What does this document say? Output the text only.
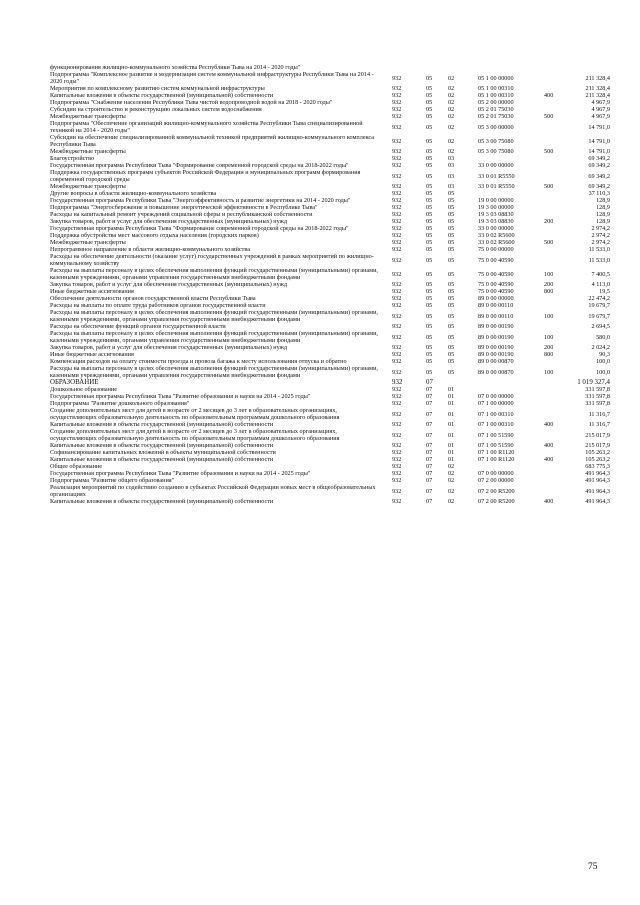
функционирования жилищно-коммунального хозяйства Республики Тыва на 2014 - 2020 годы"
Подпрограмма "Комплексное развитие и модернизация систем коммунальной инфраструктуры Республики Тыва на 2014 - 2020 годы"	932	05	02	05 1 00 00000	211 328,4
Мероприятия по комплексному развитию систем коммунальной инфраструктуры	932	05	02	05 1 00 00310	211 328,4
Капитальные вложения в объекты государственной (муниципальной) собственности	932	05	02	05 1 00 00310	400	211 328,4
Подпрограмма "Снабжение населения Республики Тыва чистой водопроводной водой на 2018 - 2020 годы"	932	05	02	05 2 00 00000	4 967,9
Субсидии на строительство и реконструкцию локальных систем водоснабжения	932	05	02	05 2 01 75030	4 967,9
Межбюджетные трансферты	932	05	02	05 2 01 75030	500	4 967,9
Подпрограмма "Обеспечение организаций жилищно-коммунального хозяйства Республики Тыва специализированной техникой на 2014 - 2020 годы"	932	05	02	05 3 00 00000	14 791,0
Субсидии на обеспечение специализированной коммунальной техникой предприятий жилищно-коммунального комплекса Республики Тыва	932	05	02	05 3 00 75080	14 791,0
Межбюджетные трансферты	932	05	02	05 3 00 75080	500	14 791,0
Благоустройство	932	05	03	69 349,2
Государственная программа Республики Тыва "Формирование современной городской среды на 2018-2022 годы"	932	05	03	33 0 00 00000	69 349,2
Поддержка государственных программ субъектов Российской Федерации и муниципальных программ формирования современной городской среды	932	05	03	33 0 01 R5550	69 349,2
Межбюджетные трансферты	932	05	03	33 0 01 R5550	500	69 349,2
Другие вопросы в области жилищно-коммунального хозяйства	932	05	05	37 110,3
Государственная программа Республики Тыва "Энергоэффективность и развитие энергетики на 2014 - 2020 годы"	932	05	05	19 0 00 00000	128,9
Подпрограмма "Энергосбережение и повышение энергетической эффективности в Республике Тыва"	932	05	05	19 3 00 00000	128,9
Расходы на капитальный ремонт учреждений социальной сферы и республиканской собственности	932	05	05	19 3 03 08830	128,9
Закупка товаров, работ и услуг для обеспечения государственных (муниципальных) нужд	932	05	05	19 3 03 08830	200	128,9
Государственная программа Республики Тыва "Формирование современной городской среды на 2018-2022 годы"	932	05	05	33 0 00 00000	2 974,2
Поддержка обустройства мест массового отдыха населения (городских парков)	932	05	05	33 0 02 R5600	2 974,2
Межбюджетные трансферты	932	05	05	33 0 02 R5600	500	2 974,2
Непрограммное направление в области жилищно-коммунального хозяйства	932	05	05	75 0 00 00000	11 533,0
Расходы на обеспечение деятельности (оказание услуг) государственных учреждений в рамках мероприятий по жилищно-коммунальному хозяйству	932	05	05	75 0 00 40590	11 533,0
Расходы на выплаты персоналу в целях обеспечения выполнения функций государственными (муниципальными) органами, казенными учреждениями, органами управления государственными внебюджетными фондами	932	05	05	75 0 00 40590	100	7 400,5
Закупка товаров, работ и услуг для обеспечения государственных (муниципальных) нужд	932	05	05	75 0 00 40590	200	4 113,0
Иные бюджетные ассигнования	932	05	05	75 0 00 40590	800	19,5
Обеспечение деятельности органов государственной власти Республики Тыва	932	05	05	89 0 00 00000	22 474,2
Расходы на выплаты по оплате труда работников органов государственной власти	932	05	05	89 0 00 00110	19 679,7
Расходы на выплаты персоналу в целях обеспечения выполнения функций государственными (муниципальными) органами, казенными учреждениями, органами управления государственными внебюджетными фондами	932	05	05	89 0 00 00110	100	19 679,7
Расходы на обеспечение функций органов государственной власти	932	05	05	89 0 00 00190	2 694,5
Расходы на выплаты персоналу в целях обеспечения выполнения функций государственными (муниципальными) органами, казенными учреждениями, органами управления государственными внебюджетными фондами	932	05	05	89 0 00 00190	100	580,0
Закупка товаров, работ и услуг для обеспечения государственных (муниципальных) нужд	932	05	05	89 0 00 00190	200	2 024,2
Иные бюджетные ассигнования	932	05	05	89 0 00 00190	800	90,3
Компенсация расходов на оплату стоимости проезда и провоза багажа к месту использования отпуска и обратно	932	05	05	89 0 00 00870	100,0
Расходы на выплаты персоналу в целях обеспечения выполнения функций государственными (муниципальными) органами, казенными учреждениями, органами управления государственными внебюджетными фондами	932	05	05	89 0 00 00870	100	100,0
ОБРАЗОВАНИЕ	932	07	1 019 327,4
Дошкольное образование	932	07	01	331 597,8
Государственная программа Республики Тыва "Развитие образования и науки на 2014 - 2025 годы"	932	07	01	07 0 00 00000	331 597,8
Подпрограмма "Развитие дошкольного образования"	932	07	01	07 1 00 00000	331 597,8
Создание дополнительных мест для детей в возрасте от 2 месяцев до 3 лет в образовательных организациях, осуществляющих образовательную деятельность по образовательным программам дошкольного образования	932	07	01	07 1 00 00310	11 316,7
Капитальные вложения в объекты государственной (муниципальной) собственности	932	07	01	07 1 00 00310	400	11 316,7
Создание дополнительных мест для детей в возрасте от 2 месяцев до 3 лет в образовательных организациях, осуществляющих образовательную деятельность по образовательным программам дошкольного образования	932	07	01	07 1 00 51590	215 017,9
Капитальные вложения в объекты государственной (муниципальной) собственности	932	07	01	07 1 00 51590	400	215 017,9
Софинансирование капитальных вложений в объекты муниципальной собственности	932	07	01	07 1 00 R1120	105 263,2
Капитальные вложения в объекты государственной (муниципальной) собственности	932	07	01	07 1 00 R1120	400	105 263,2
Общее образование	932	07	02	683 775,3
Государственная программа Республики Тыва "Развитие образования и науки на 2014 - 2025 годы"	932	07	02	07 0 00 00000	491 964,3
Подпрограмма "Развитие общего образования"	932	07	02	07 2 00 00000	491 964,3
Реализация мероприятий по содействию созданию в субъектах Российской Федерации новых мест в общеобразовательных организациях	932	07	02	07 2 00 R5200	491 964,3
Капитальные вложения в объекты государственной (муниципальной) собственности	932	07	02	07 2 00 R5200	400	491 964,3
75
